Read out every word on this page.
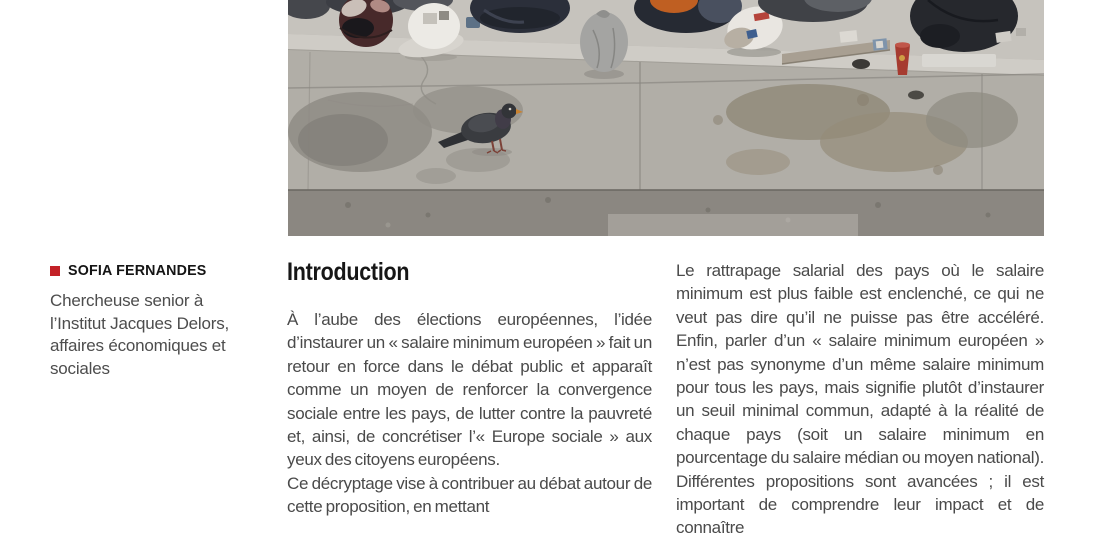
SOFIA FERNANDES
Chercheuse senior à l’Institut Jacques Delors, affaires économiques et sociales
Introduction

À l’aube des élections européennes, l’idée d’instaurer un « salaire minimum européen » fait un retour en force dans le débat public et apparaît comme un moyen de renforcer la convergence sociale entre les pays, de lutter contre la pauvreté et, ainsi, de concrétiser l’« Europe sociale » aux yeux des citoyens européens.

Ce décryptage vise à contribuer au débat autour de cette proposition, en mettant

Le rattrapage salarial des pays où le salaire minimum est plus faible est enclenché, ce qui ne veut pas dire qu’il ne puisse pas être accéléré. Enfin, parler d’un « salaire minimum européen » n’est pas synonyme d’un même salaire minimum pour tous les pays, mais signifie plutôt d’instaurer un seuil minimal commun, adapté à la réalité de chaque pays (soit un salaire minimum en pourcentage du salaire médian ou moyen national). Différentes propositions sont avancées ; il est important de comprendre leur impact et de connaître
